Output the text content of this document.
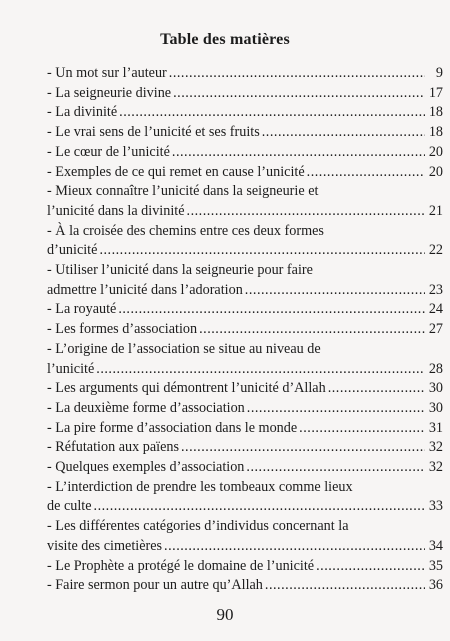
Table des matières
- Un mot sur l’auteur .....	9
- La seigneurie divine .....	17
- La divinité .....	18
- Le vrai sens de l’unicité et ses fruits .....	18
- Le cœur de l’unicité .....	20
- Exemples de ce qui remet en cause l’unicité .....	20
- Mieux connaître l’unicité dans la seigneurie et
l’unicité dans la divinité .....	21
- À la croisée des chemins entre ces deux formes
d’unicité .....	22
- Utiliser l’unicité dans la seigneurie pour faire
admettre l’unicité dans l’adoration .....	23
- La royauté .....	24
- Les formes d’association .....	27
- L’origine de l’association se situe au niveau de
l’unicité .....	28
- Les arguments qui démontrent l’unicité d’Allah .....	30
- La deuxième forme d’association .....	30
- La pire forme d’association dans le monde .....	31
- Réfutation aux païens .....	32
- Quelques exemples d’association .....	32
- L’interdiction de prendre les tombeaux comme lieux
de culte .....	33
- Les différentes catégories d’individus concernant la
visite des cimetières .....	34
- Le Prophète a protégé le domaine de l’unicité .....	35
- Faire sermon pour un autre qu’Allah .....	36
90
